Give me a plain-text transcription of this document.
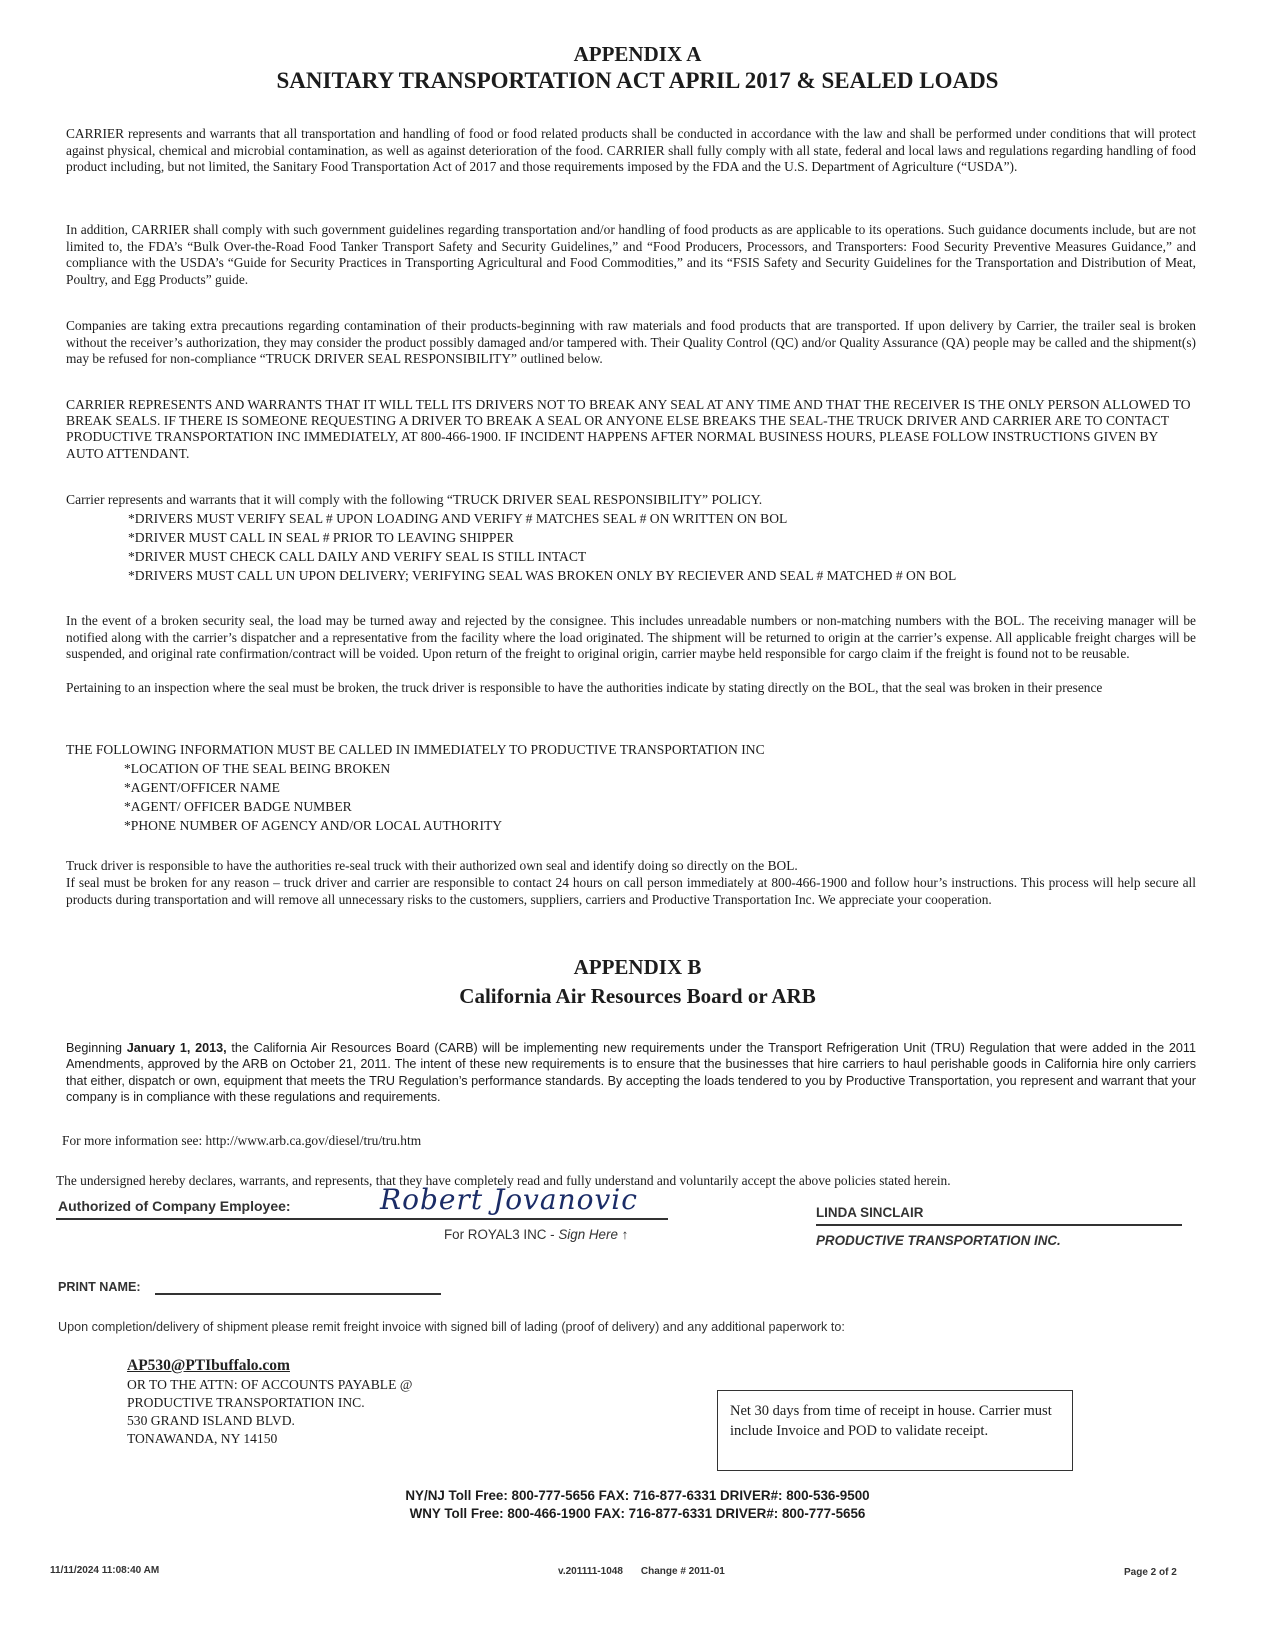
APPENDIX A
SANITARY TRANSPORTATION ACT APRIL 2017 & SEALED LOADS
CARRIER represents and warrants that all transportation and handling of food or food related products shall be conducted in accordance with the law and shall be performed under conditions that will protect against physical, chemical and microbial contamination, as well as against deterioration of the food. CARRIER shall fully comply with all state, federal and local laws and regulations regarding handling of food product including, but not limited, the Sanitary Food Transportation Act of 2017 and those requirements imposed by the FDA and the U.S. Department of Agriculture (“USDA”).
In addition, CARRIER shall comply with such government guidelines regarding transportation and/or handling of food products as are applicable to its operations. Such guidance documents include, but are not limited to, the FDA’s “Bulk Over-the-Road Food Tanker Transport Safety and Security Guidelines,” and “Food Producers, Processors, and Transporters: Food Security Preventive Measures Guidance,” and compliance with the USDA’s “Guide for Security Practices in Transporting Agricultural and Food Commodities,” and its “FSIS Safety and Security Guidelines for the Transportation and Distribution of Meat, Poultry, and Egg Products” guide.
Companies are taking extra precautions regarding contamination of their products-beginning with raw materials and food products that are transported. If upon delivery by Carrier, the trailer seal is broken without the receiver’s authorization, they may consider the product possibly damaged and/or tampered with. Their Quality Control (QC) and/or Quality Assurance (QA) people may be called and the shipment(s) may be refused for non-compliance “TRUCK DRIVER SEAL RESPONSIBILITY” outlined below.
CARRIER REPRESENTS AND WARRANTS THAT IT WILL TELL ITS DRIVERS NOT TO BREAK ANY SEAL AT ANY TIME AND THAT THE RECEIVER IS THE ONLY PERSON ALLOWED TO BREAK SEALS. IF THERE IS SOMEONE REQUESTING A DRIVER TO BREAK A SEAL OR ANYONE ELSE BREAKS THE SEAL-THE TRUCK DRIVER AND CARRIER ARE TO CONTACT PRODUCTIVE TRANSPORTATION INC IMMEDIATELY, AT 800-466-1900. IF INCIDENT HAPPENS AFTER NORMAL BUSINESS HOURS, PLEASE FOLLOW INSTRUCTIONS GIVEN BY AUTO ATTENDANT.
Carrier represents and warrants that it will comply with the following “TRUCK DRIVER SEAL RESPONSIBILITY” POLICY.
*DRIVERS MUST VERIFY SEAL # UPON LOADING AND VERIFY # MATCHES SEAL # ON WRITTEN ON BOL
*DRIVER MUST CALL IN SEAL # PRIOR TO LEAVING SHIPPER
*DRIVER MUST CHECK CALL DAILY AND VERIFY SEAL IS STILL INTACT
*DRIVERS MUST CALL UN UPON DELIVERY; VERIFYING SEAL WAS BROKEN ONLY BY RECIEVER AND SEAL # MATCHED # ON BOL
In the event of a broken security seal, the load may be turned away and rejected by the consignee. This includes unreadable numbers or non-matching numbers with the BOL. The receiving manager will be notified along with the carrier’s dispatcher and a representative from the facility where the load originated. The shipment will be returned to origin at the carrier’s expense. All applicable freight charges will be suspended, and original rate confirmation/contract will be voided. Upon return of the freight to original origin, carrier maybe held responsible for cargo claim if the freight is found not to be reusable.
Pertaining to an inspection where the seal must be broken, the truck driver is responsible to have the authorities indicate by stating directly on the BOL, that the seal was broken in their presence
THE FOLLOWING INFORMATION MUST BE CALLED IN IMMEDIATELY TO PRODUCTIVE TRANSPORTATION INC
*LOCATION OF THE SEAL BEING BROKEN
*AGENT/OFFICER NAME
*AGENT/ OFFICER BADGE NUMBER
*PHONE NUMBER OF AGENCY AND/OR LOCAL AUTHORITY
Truck driver is responsible to have the authorities re-seal truck with their authorized own seal and identify doing so directly on the BOL.
If seal must be broken for any reason – truck driver and carrier are responsible to contact 24 hours on call person immediately at 800-466-1900 and follow hour’s instructions. This process will help secure all products during transportation and will remove all unnecessary risks to the customers, suppliers, carriers and Productive Transportation Inc. We appreciate your cooperation.
APPENDIX B
California Air Resources Board or ARB
Beginning January 1, 2013, the California Air Resources Board (CARB) will be implementing new requirements under the Transport Refrigeration Unit (TRU) Regulation that were added in the 2011 Amendments, approved by the ARB on October 21, 2011. The intent of these new requirements is to ensure that the businesses that hire carriers to haul perishable goods in California hire only carriers that either, dispatch or own, equipment that meets the TRU Regulation’s performance standards. By accepting the loads tendered to you by Productive Transportation, you represent and warrant that your company is in compliance with these regulations and requirements.
For more information see: http://www.arb.ca.gov/diesel/tru/tru.htm
The undersigned hereby declares, warrants, and represents, that they have completely read and fully understand and voluntarily accept the above policies stated herein.
Authorized of Company Employee:	Robert Jovanovic
For ROYAL3 INC - Sign Here ↑
LINDA SINCLAIR
PRODUCTIVE TRANSPORTATION INC.
PRINT NAME:
Upon completion/delivery of shipment please remit freight invoice with signed bill of lading (proof of delivery) and any additional paperwork to:
AP530@PTIbuffalo.com
OR TO THE ATTN: OF ACCOUNTS PAYABLE @
PRODUCTIVE TRANSPORTATION INC.
530 GRAND ISLAND BLVD.
TONAWANDA, NY 14150
Net 30 days from time of receipt in house. Carrier must include Invoice and POD to validate receipt.
NY/NJ Toll Free: 800-777-5656 FAX: 716-877-6331 DRIVER#: 800-536-9500
WNY Toll Free: 800-466-1900 FAX: 716-877-6331 DRIVER#: 800-777-5656
11/11/2024 11:08:40 AM	v.201111-1048 Change # 2011-01	Page 2 of 2
